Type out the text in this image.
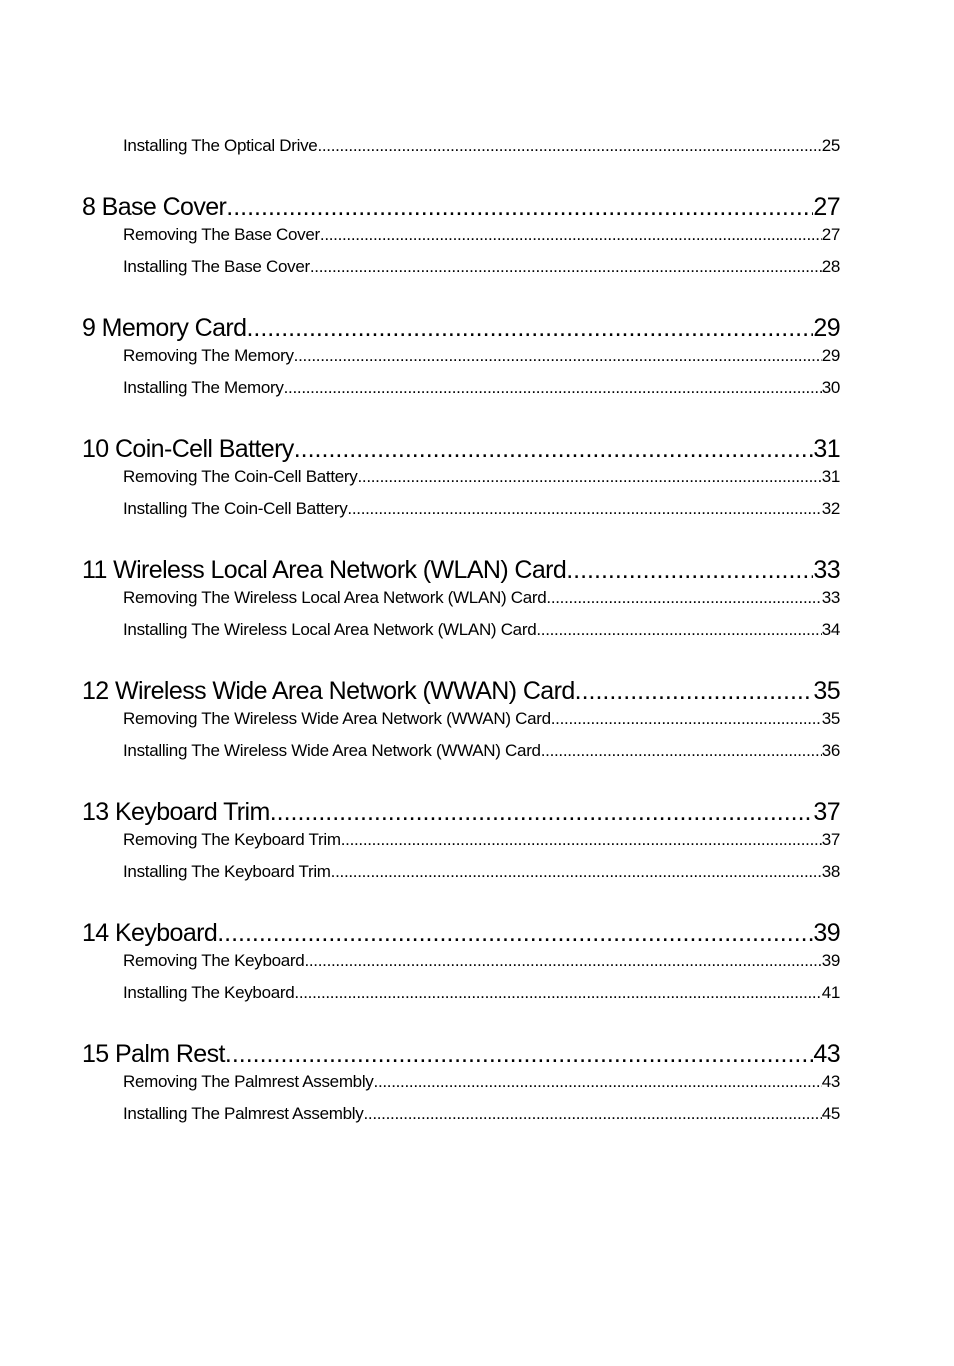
Installing The Optical Drive .....	25
8 Base Cover .....	27
Removing The Base Cover .....	27
Installing The Base Cover .....	28
9 Memory Card .....	29
Removing The Memory .....	29
Installing The Memory .....	30
10 Coin-Cell Battery .....	31
Removing The Coin-Cell Battery .....	31
Installing The Coin-Cell Battery .....	32
11 Wireless Local Area Network (WLAN) Card .....	33
Removing The Wireless Local Area Network (WLAN) Card .....	33
Installing The Wireless Local Area Network (WLAN) Card .....	34
12 Wireless Wide Area Network (WWAN) Card .....	35
Removing The Wireless Wide Area Network (WWAN) Card .....	35
Installing The Wireless Wide Area Network (WWAN) Card .....	36
13 Keyboard Trim .....	37
Removing The Keyboard Trim .....	37
Installing The Keyboard Trim .....	38
14 Keyboard .....	39
Removing The Keyboard .....	39
Installing The Keyboard .....	41
15 Palm Rest .....	43
Removing The Palmrest Assembly .....	43
Installing The Palmrest Assembly .....	45
